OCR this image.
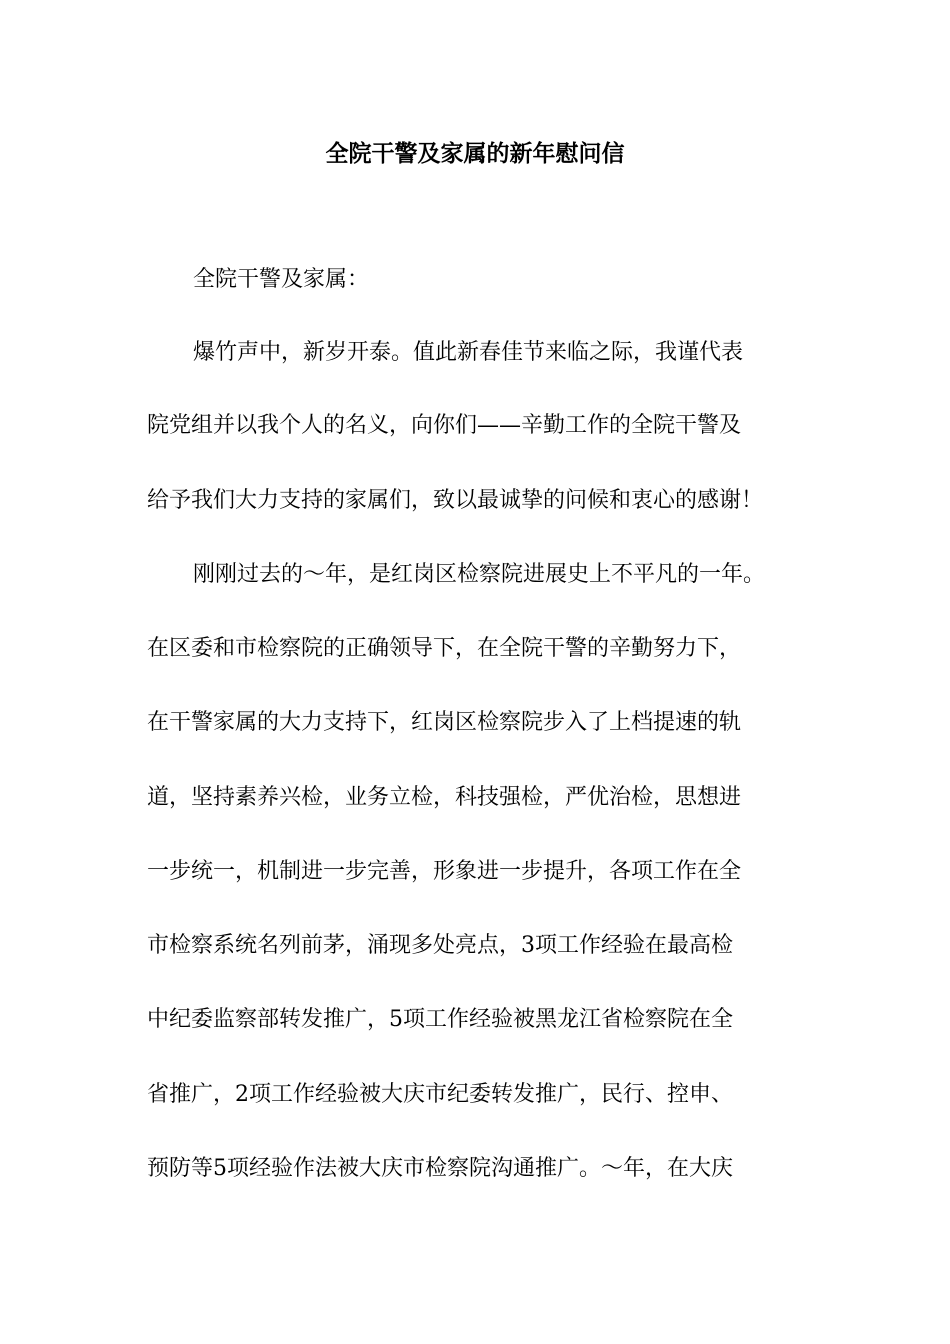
全院干警及家属的新年慰问信

全院干警及家属：

爆竹声中，新岁开泰。值此新春佳节来临之际，我谨代表

院党组并以我个人的名义，向你们——辛勤工作的全院干警及

给予我们大力支持的家属们，致以最诚挚的问候和衷心的感谢！

刚刚过去的～年，是红岗区检察院进展史上不平凡的一年。

在区委和市检察院的正确领导下，在全院干警的辛勤努力下，

在干警家属的大力支持下，红岗区检察院步入了上档提速的轨

道，坚持素养兴检，业务立检，科技强检，严优治检，思想进

一步统一，机制进一步完善，形象进一步提升，各项工作在全

市检察系统名列前茅，涌现多处亮点，3项工作经验在最高检

中纪委监察部转发推广，5项工作经验被黑龙江省检察院在全

省推广，2项工作经验被大庆市纪委转发推广，民行、控申、

预防等5项经验作法被大庆市检察院沟通推广。～年，在大庆
